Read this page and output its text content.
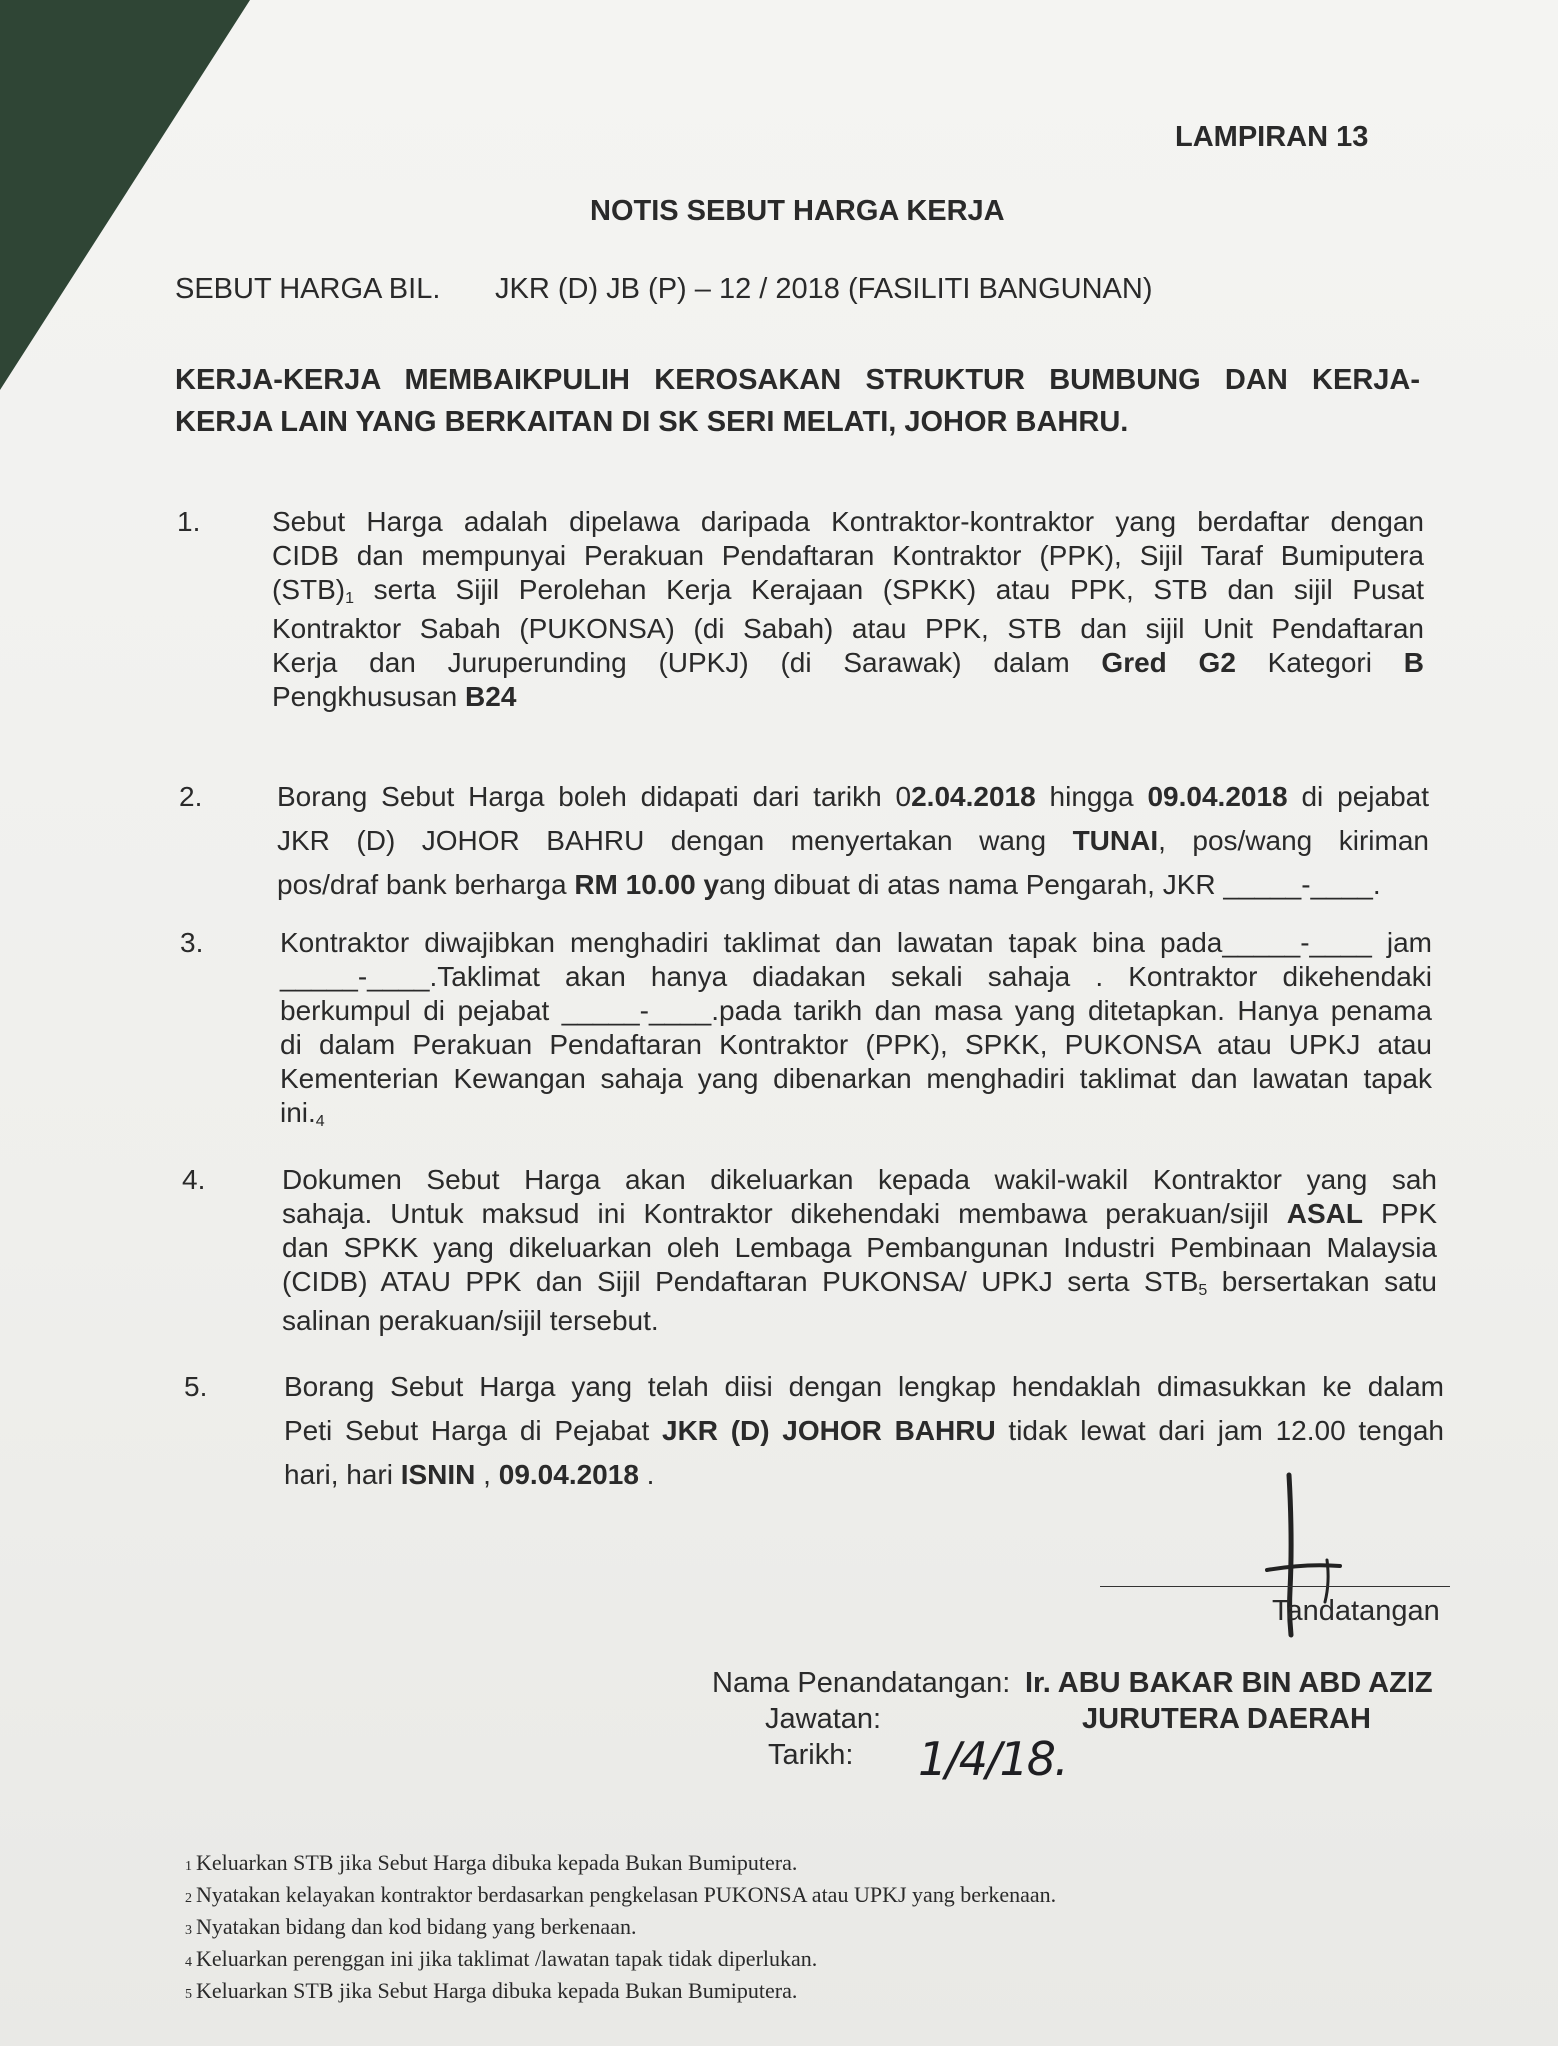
LAMPIRAN 13
NOTIS SEBUT HARGA KERJA
SEBUT HARGA BIL. JKR (D) JB (P) – 12 / 2018 (FASILITI BANGUNAN)
KERJA-KERJA MEMBAIKPULIH KEROSAKAN STRUKTUR BUMBUNG DAN KERJA-
KERJA LAIN YANG BERKAITAN DI SK SERI MELATI, JOHOR BAHRU.
1.	Sebut Harga adalah dipelawa daripada Kontraktor-kontraktor yang berdaftar dengan
CIDB dan mempunyai Perakuan Pendaftaran Kontraktor (PPK), Sijil Taraf Bumiputera
(STB)1 serta Sijil Perolehan Kerja Kerajaan (SPKK) atau PPK, STB dan sijil Pusat
Kontraktor Sabah (PUKONSA) (di Sabah) atau PPK, STB dan sijil Unit Pendaftaran
Kerja dan Juruperunding (UPKJ) (di Sarawak) dalam Gred G2 Kategori B
Pengkhususan B24
2.	Borang Sebut Harga boleh didapati dari tarikh 02.04.2018 hingga 09.04.2018 di pejabat
JKR (D) JOHOR BAHRU dengan menyertakan wang TUNAI, pos/wang kiriman
pos/draf bank berharga RM 10.00 yang dibuat di atas nama Pengarah, JKR _____-____.
3.	Kontraktor diwajibkan menghadiri taklimat dan lawatan tapak bina pada_____-____ jam
_____-____.Taklimat akan hanya diadakan sekali sahaja . Kontraktor dikehendaki
berkumpul di pejabat _____-____.pada tarikh dan masa yang ditetapkan. Hanya penama
di dalam Perakuan Pendaftaran Kontraktor (PPK), SPKK, PUKONSA atau UPKJ atau
Kementerian Kewangan sahaja yang dibenarkan menghadiri taklimat dan lawatan tapak
ini.4
4.	Dokumen Sebut Harga akan dikeluarkan kepada wakil-wakil Kontraktor yang sah
sahaja. Untuk maksud ini Kontraktor dikehendaki membawa perakuan/sijil ASAL PPK
dan SPKK yang dikeluarkan oleh Lembaga Pembangunan Industri Pembinaan Malaysia
(CIDB) ATAU PPK dan Sijil Pendaftaran PUKONSA/ UPKJ serta STB5 bersertakan satu
salinan perakuan/sijil tersebut.
5.	Borang Sebut Harga yang telah diisi dengan lengkap hendaklah dimasukkan ke dalam
Peti Sebut Harga di Pejabat JKR (D) JOHOR BAHRU tidak lewat dari jam 12.00 tengah
hari, hari ISNIN , 09.04.2018 .
Tandatangan
Nama Penandatangan: Ir. ABU BAKAR BIN ABD AZIZ
Jawatan:	JURUTERA DAERAH
Tarikh: 1/4/18.
1 Keluarkan STB jika Sebut Harga dibuka kepada Bukan Bumiputera.
2 Nyatakan kelayakan kontraktor berdasarkan pengkelasan PUKONSA atau UPKJ yang berkenaan.
3 Nyatakan bidang dan kod bidang yang berkenaan.
4 Keluarkan perenggan ini jika taklimat /lawatan tapak tidak diperlukan.
5 Keluarkan STB jika Sebut Harga dibuka kepada Bukan Bumiputera.
